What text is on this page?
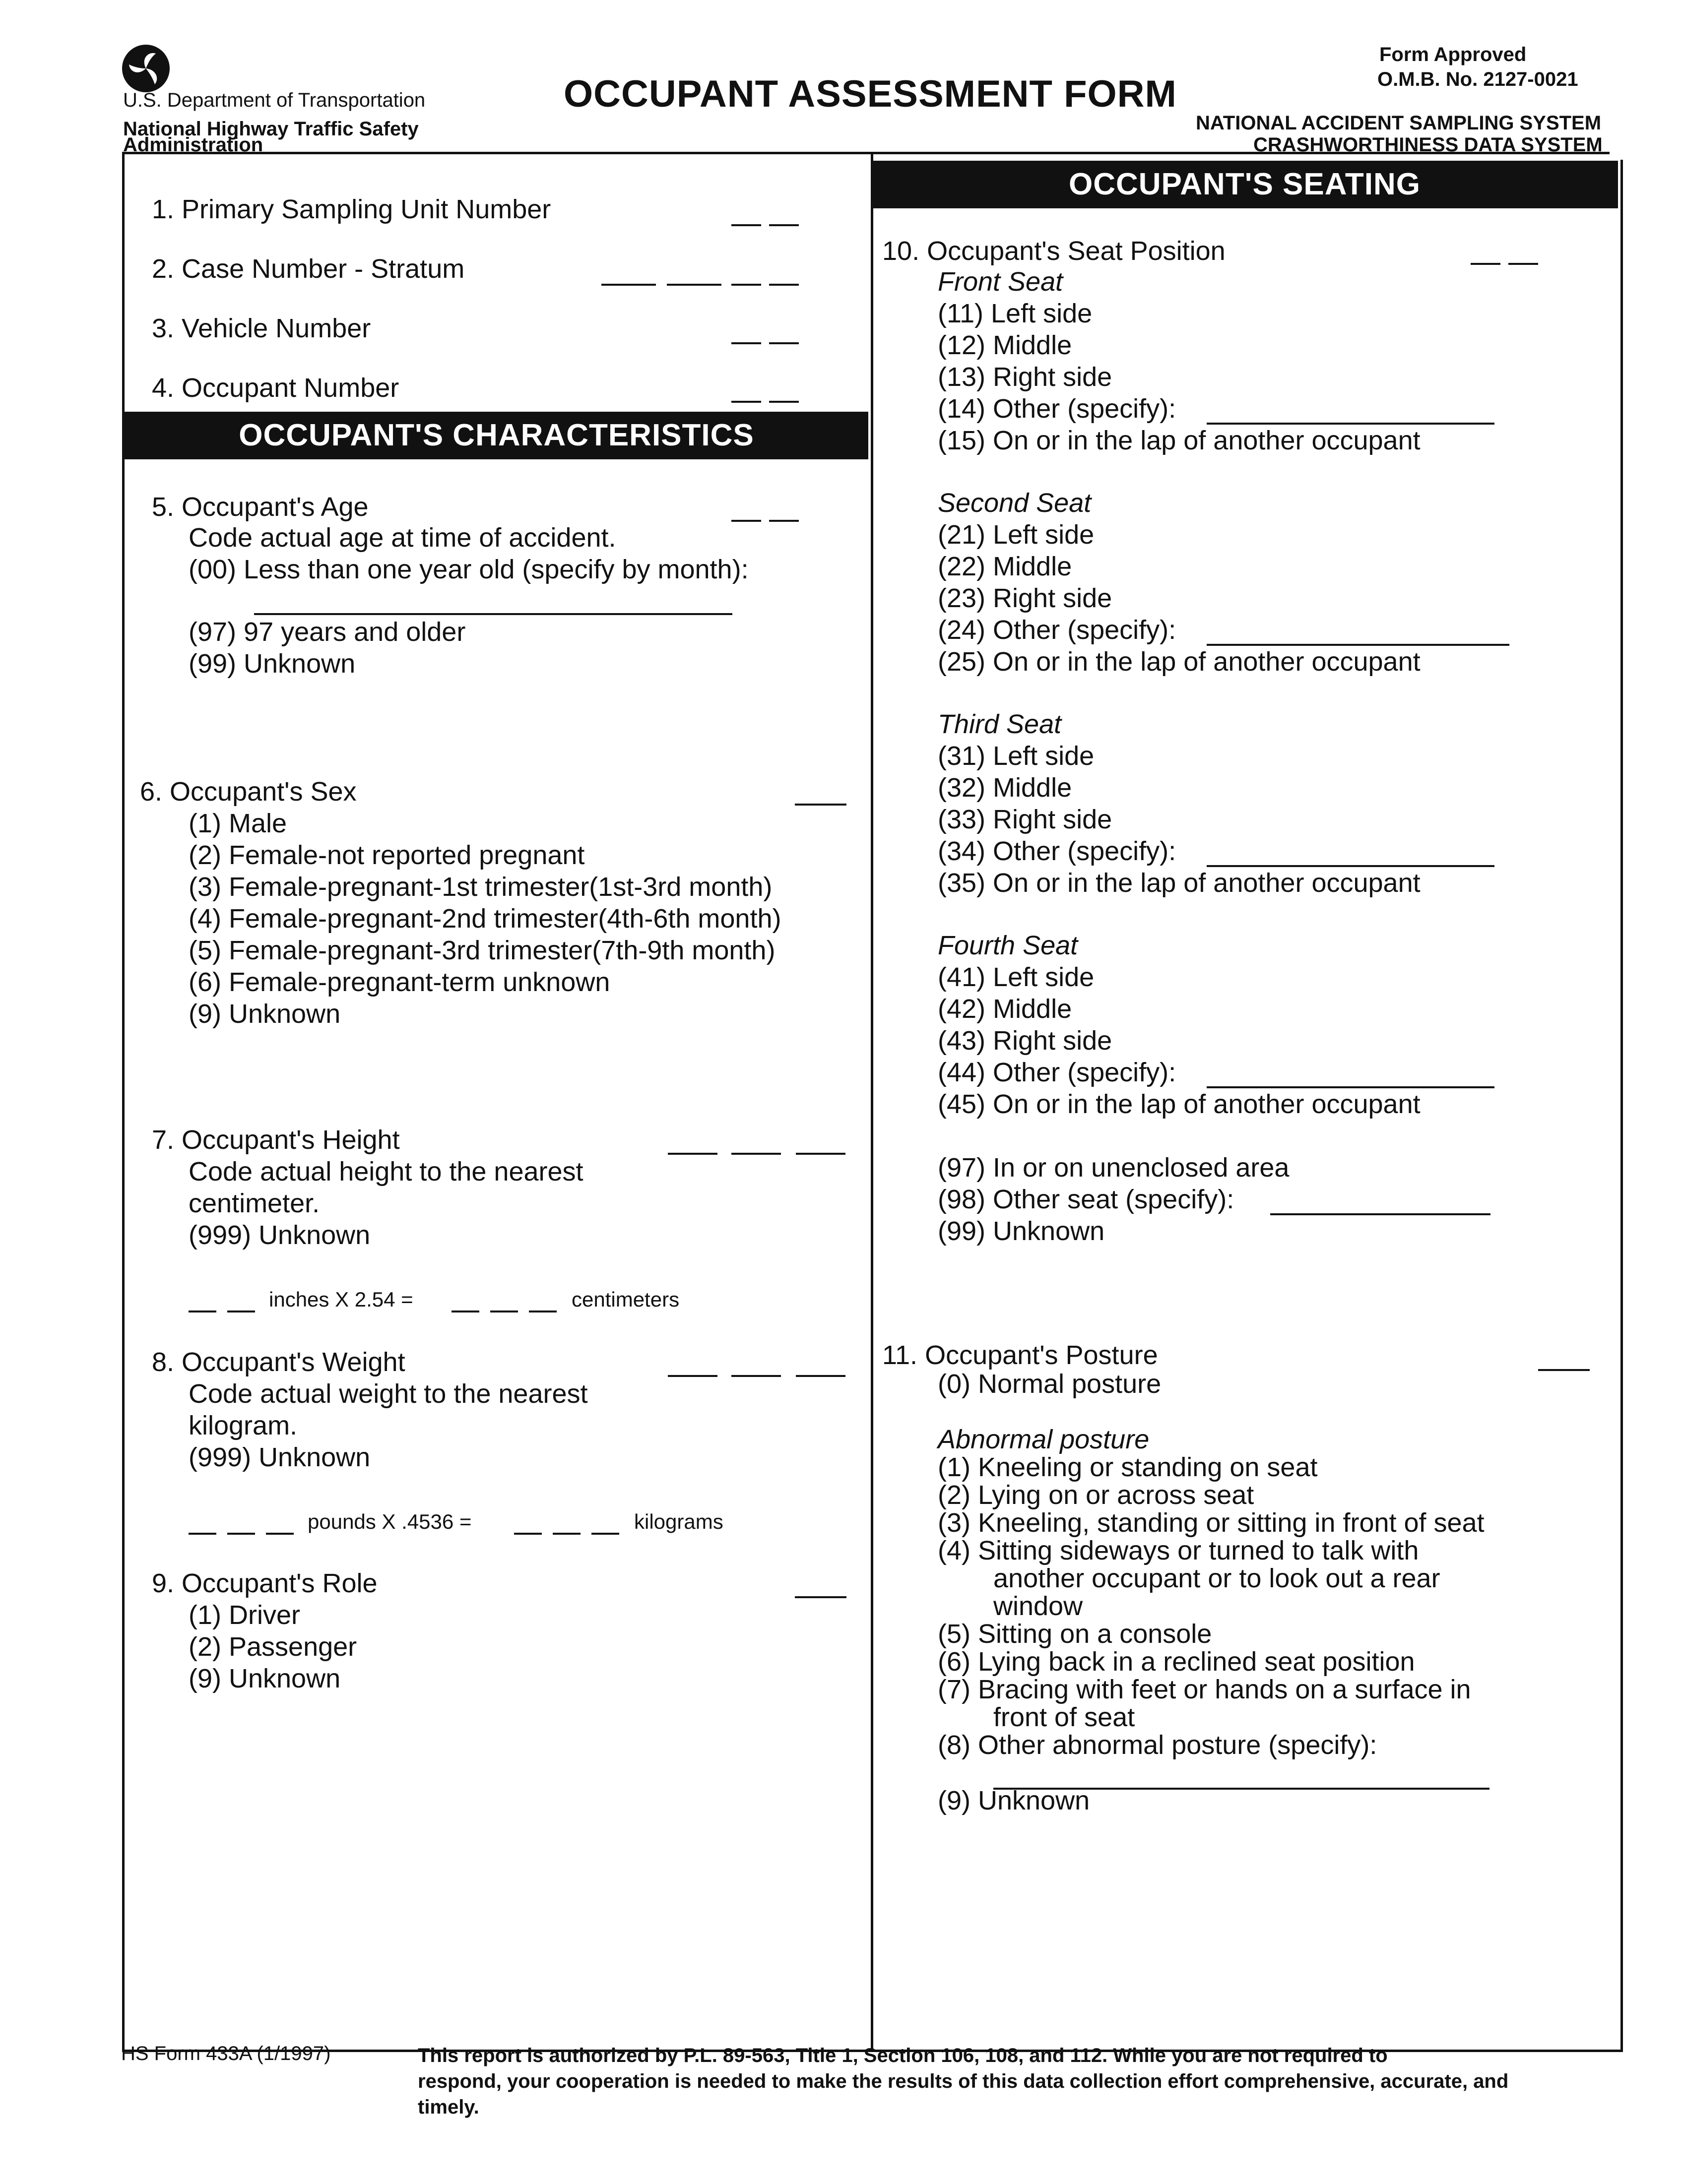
U.S. Department of Transportation
National Highway Traffic Safety
Administration
OCCUPANT ASSESSMENT FORM
Form Approved
O.M.B. No. 2127-0021
NATIONAL ACCIDENT SAMPLING SYSTEM
CRASHWORTHINESS DATA SYSTEM
1. Primary Sampling Unit Number
2. Case Number - Stratum
3. Vehicle Number
4. Occupant Number
OCCUPANT'S CHARACTERISTICS
5. Occupant's Age
Code actual age at time of accident.
(00) Less than one year old (specify by month):
(97) 97 years and older
(99) Unknown
6. Occupant's Sex
(1) Male
(2) Female-not reported pregnant
(3) Female-pregnant-1st trimester(1st-3rd month)
(4) Female-pregnant-2nd trimester(4th-6th month)
(5) Female-pregnant-3rd trimester(7th-9th month)
(6) Female-pregnant-term unknown
(9) Unknown
7. Occupant's Height
Code actual height to the nearest
centimeter.
(999) Unknown
inches X 2.54 =	centimeters
8. Occupant's Weight
Code actual weight to the nearest
kilogram.
(999) Unknown
pounds X .4536 =	kilograms
9. Occupant's Role
(1) Driver
(2) Passenger
(9) Unknown
OCCUPANT'S SEATING
10. Occupant's Seat Position
Front Seat
(11) Left side
(12) Middle
(13) Right side
(14) Other (specify):
(15) On or in the lap of another occupant
Second Seat
(21) Left side
(22) Middle
(23) Right side
(24) Other (specify):
(25) On or in the lap of another occupant
Third Seat
(31) Left side
(32) Middle
(33) Right side
(34) Other (specify):
(35) On or in the lap of another occupant
Fourth Seat
(41) Left side
(42) Middle
(43) Right side
(44) Other (specify):
(45) On or in the lap of another occupant
(97) In or on unenclosed area
(98) Other seat (specify):
(99) Unknown
11. Occupant's Posture
(0) Normal posture
Abnormal posture
(1) Kneeling or standing on seat
(2) Lying on or across seat
(3) Kneeling, standing or sitting in front of seat
(4) Sitting sideways or turned to talk with
another occupant or to look out a rear
window
(5) Sitting on a console
(6) Lying back in a reclined seat position
(7) Bracing with feet or hands on a surface in
front of seat
(8) Other abnormal posture (specify):
(9) Unknown
HS Form 433A (1/1997)	This report is authorized by P.L. 89-563, Title 1, Section 106, 108, and 112. While you are not required to
respond, your cooperation is needed to make the results of this data collection effort comprehensive, accurate, and
timely.
